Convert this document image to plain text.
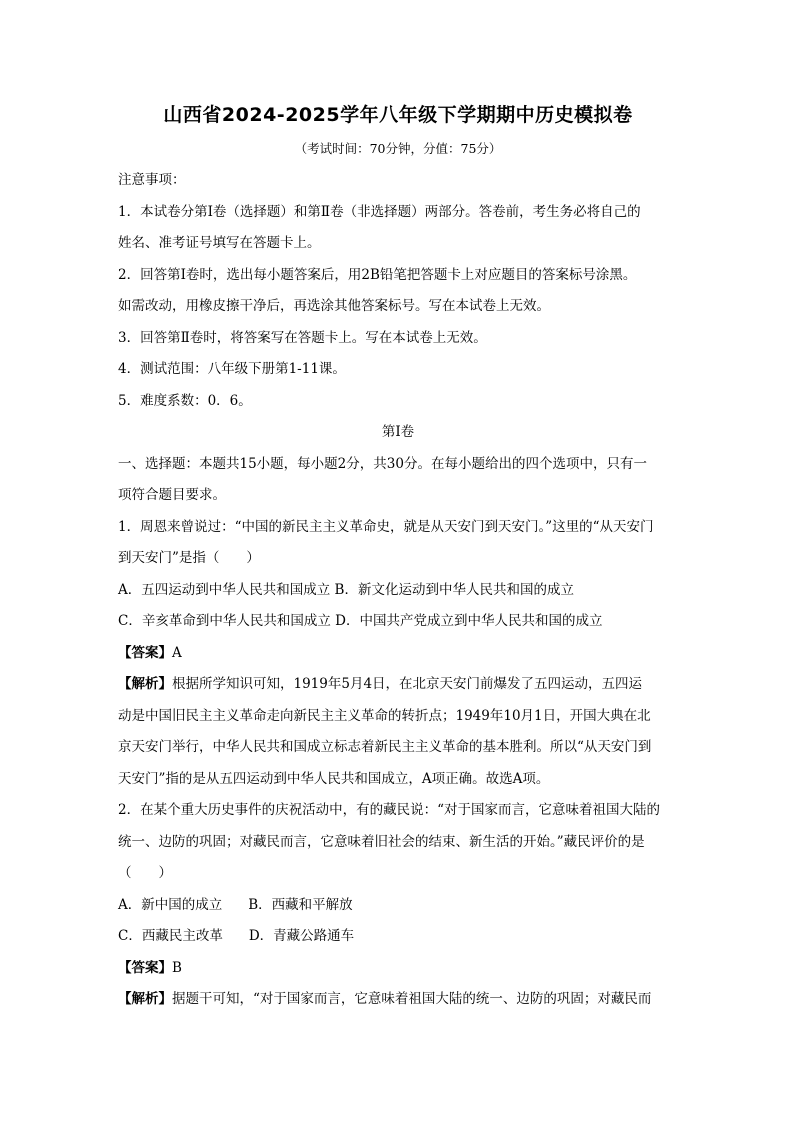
山西省2024-2025学年八年级下学期期中历史模拟卷
（考试时间：70分钟，分值：75分）

注意事项：

1．本试卷分第Ⅰ卷（选择题）和第Ⅱ卷（非选择题）两部分。答卷前，考生务必将自己的

姓名、准考证号填写在答题卡上。

2．回答第Ⅰ卷时，选出每小题答案后，用2B铅笔把答题卡上对应题目的答案标号涂黑。

如需改动，用橡皮擦干净后，再选涂其他答案标号。写在本试卷上无效。

3．回答第Ⅱ卷时，将答案写在答题卡上。写在本试卷上无效。

4．测试范围：八年级下册第1-11课。

5．难度系数：0．6。

第Ⅰ卷

一、选择题：本题共15小题，每小题2分，共30分。在每小题给出的四个选项中，只有一

项符合题目要求。

1．周恩来曾说过：“中国的新民主主义革命史，就是从天安门到天安门。”这里的“从天安门

到天安门”是指（　　）

A．五四运动到中华人民共和国成立 B．新文化运动到中华人民共和国的成立

C．辛亥革命到中华人民共和国成立 D．中国共产党成立到中华人民共和国的成立

【答案】A

【解析】根据所学知识可知，1919年5月4日，在北京天安门前爆发了五四运动，五四运

动是中国旧民主主义革命走向新民主主义革命的转折点；1949年10月1日，开国大典在北

京天安门举行，中华人民共和国成立标志着新民主主义革命的基本胜利。所以“从天安门到

天安门”指的是从五四运动到中华人民共和国成立，A项正确。故选A项。

2．在某个重大历史事件的庆祝活动中，有的藏民说：“对于国家而言，它意味着祖国大陆的

统一、边防的巩固；对藏民而言，它意味着旧社会的结束、新生活的开始。”藏民评价的是

（　　）

A．新中国的成立 B．西藏和平解放

C．西藏民主改革 D．青藏公路通车

【答案】B

【解析】据题干可知，“对于国家而言，它意味着祖国大陆的统一、边防的巩固；对藏民而
